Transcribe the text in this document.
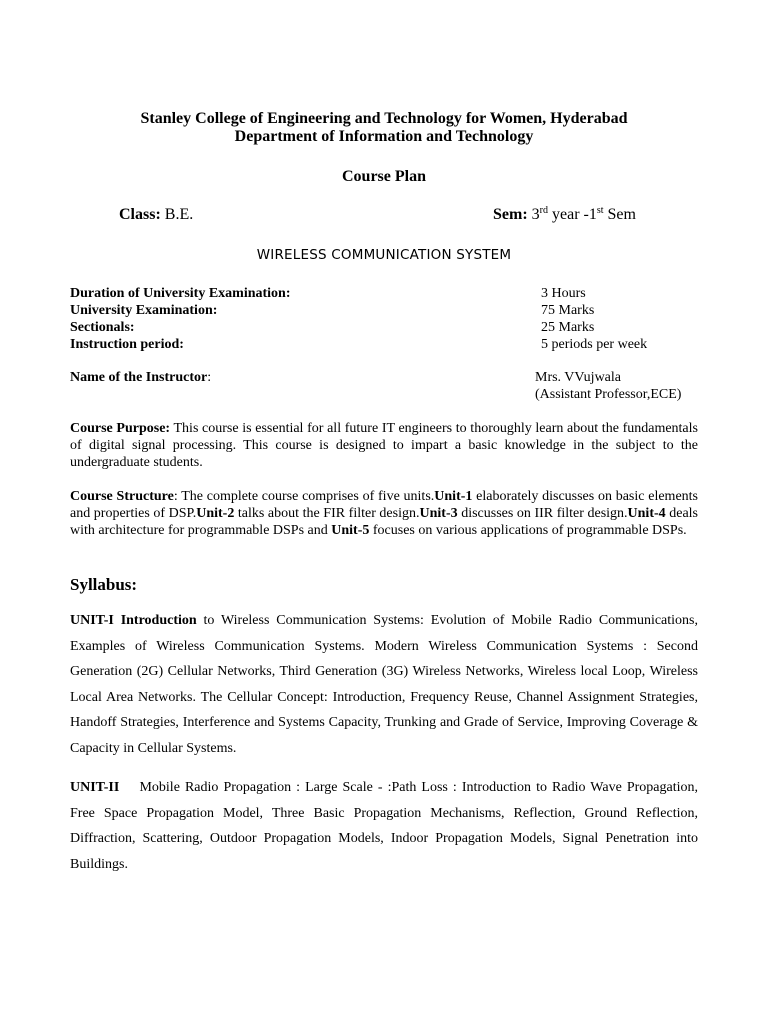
Stanley College of Engineering and Technology for Women, Hyderabad
Department of Information and Technology
Course Plan
Class: B.E.	Sem: 3rd year -1st Sem
WIRELESS COMMUNICATION SYSTEM
Duration of University Examination:	3 Hours
University Examination:	75 Marks
Sectionals:	25 Marks
Instruction period:	5 periods per week
Name of the Instructor:	Mrs. VVujwala
(Assistant Professor,ECE)
Course Purpose: This course is essential for all future IT engineers to thoroughly learn about the fundamentals of digital signal processing. This course is designed to impart a basic knowledge in the subject to the undergraduate students.
Course Structure: The complete course comprises of five units.Unit-1 elaborately discusses on basic elements and properties of DSP.Unit-2 talks about the FIR filter design.Unit-3 discusses on IIR filter design.Unit-4 deals with architecture for programmable DSPs and Unit-5 focuses on various applications of programmable DSPs.
Syllabus:
UNIT-I Introduction to Wireless Communication Systems: Evolution of Mobile Radio Communications, Examples of Wireless Communication Systems. Modern Wireless Communication Systems : Second Generation (2G) Cellular Networks, Third Generation (3G) Wireless Networks, Wireless local Loop, Wireless Local Area Networks. The Cellular Concept: Introduction, Frequency Reuse, Channel Assignment Strategies, Handoff Strategies, Interference and Systems Capacity, Trunking and Grade of Service, Improving Coverage & Capacity in Cellular Systems.
UNIT-II    Mobile Radio Propagation : Large Scale - :Path Loss : Introduction to Radio Wave Propagation, Free Space Propagation Model, Three Basic Propagation Mechanisms, Reflection, Ground Reflection, Diffraction, Scattering, Outdoor Propagation Models, Indoor Propagation Models, Signal Penetration into Buildings.
